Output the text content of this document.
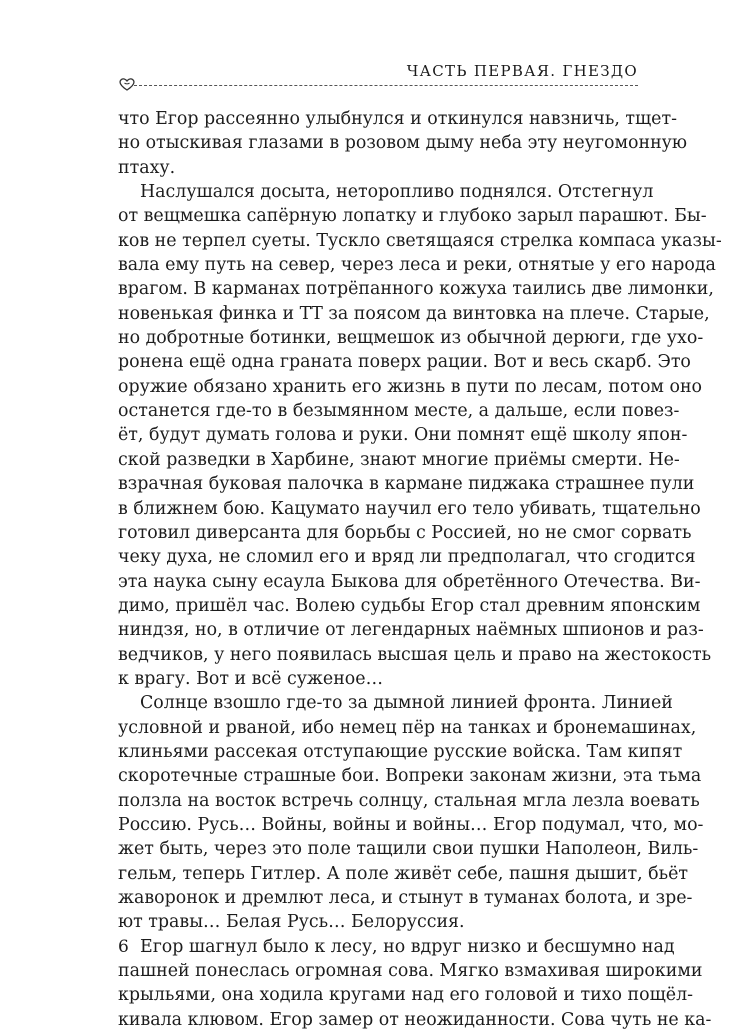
ЧАСТЬ ПЕРВАЯ. ГНЕЗДО
что Егор рассеянно улыбнулся и откинулся навзничь, тщет-
но отыскивая глазами в розовом дыму неба эту неугомонную
птаху.
Наслушался досыта, неторопливо поднялся. Отстегнул
от вещмешка сапёрную лопатку и глубоко зарыл парашют. Бы-
ков не терпел суеты. Тускло светящаяся стрелка компаса указы-
вала ему путь на север, через леса и реки, отнятые у его народа
врагом. В карманах потрёпанного кожуха таились две лимонки,
новенькая финка и ТТ за поясом да винтовка на плече. Старые,
но добротные ботинки, вещмешок из обычной дерюги, где ухо-
ронена ещё одна граната поверх рации. Вот и весь скарб. Это
оружие обязано хранить его жизнь в пути по лесам, потом оно
останется где-то в безымянном месте, а дальше, если повез-
ёт, будут думать голова и руки. Они помнят ещё школу япон-
ской разведки в Харбине, знают многие приёмы смерти. Не-
взрачная буковая палочка в кармане пиджака страшнее пули
в ближнем бою. Кацумато научил его тело убивать, тщательно
готовил диверсанта для борьбы с Россией, но не смог сорвать
чеку духа, не сломил его и вряд ли предполагал, что сгодится
эта наука сыну есаула Быкова для обретённого Отечества. Ви-
димо, пришёл час. Волею судьбы Егор стал древним японским
ниндзя, но, в отличие от легендарных наёмных шпионов и раз-
ведчиков, у него появилась высшая цель и право на жестокость
к врагу. Вот и всё суженое…
Солнце взошло где-то за дымной линией фронта. Линией
условной и рваной, ибо немец пёр на танках и бронемашинах,
клиньями рассекая отступающие русские войска. Там кипят
скоротечные страшные бои. Вопреки законам жизни, эта тьма
ползла на восток встречь солнцу, стальная мгла лезла воевать
Россию. Русь… Войны, войны и войны… Егор подумал, что, мо-
жет быть, через это поле тащили свои пушки Наполеон, Виль-
гельм, теперь Гитлер. А поле живёт себе, пашня дышит, бьёт
жаворонок и дремлют леса, и стынут в туманах болота, и зре-
ют травы… Белая Русь… Белоруссия.
Егор шагнул было к лесу, но вдруг низко и бесшумно над
пашней понеслась огромная сова. Мягко взмахивая широкими
крыльями, она ходила кругами над его головой и тихо пощёл-
кивала клювом. Егор замер от неожиданности. Сова чуть не ка-
6
